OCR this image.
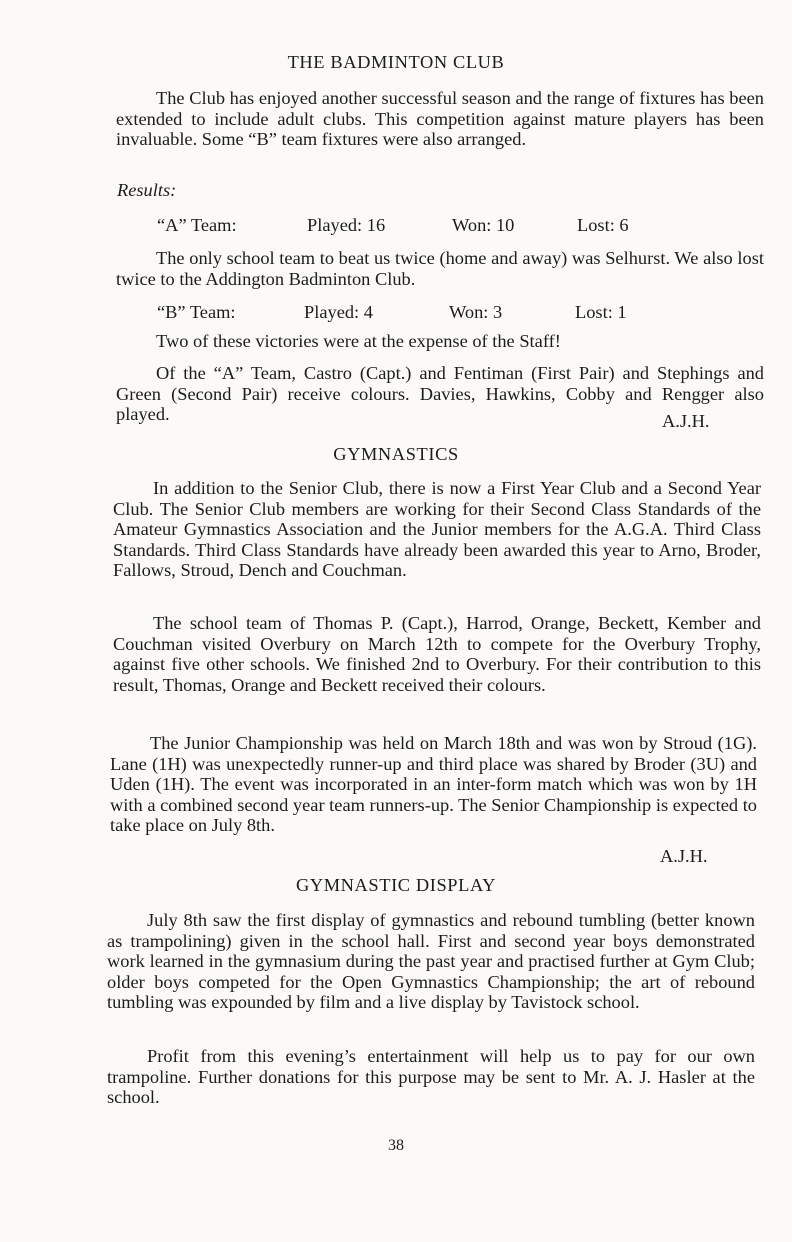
THE BADMINTON CLUB

The Club has enjoyed another successful season and the range of fixtures has been extended to include adult clubs. This competition against mature players has been invaluable. Some “B” team fixtures were also arranged.

Results:
“A” Team:	Played: 16	Won: 10	Lost: 6

The only school team to beat us twice (home and away) was Selhurst. We also lost twice to the Addington Badminton Club.

“B” Team:	Played: 4	Won: 3	Lost: 1

Two of these victories were at the expense of the Staff!

Of the “A” Team, Castro (Capt.) and Fentiman (First Pair) and Stephings and Green (Second Pair) receive colours. Davies, Hawkins, Cobby and Rengger also played.	A.J.H.
GYMNASTICS

In addition to the Senior Club, there is now a First Year Club and a Second Year Club. The Senior Club members are working for their Second Class Standards of the Amateur Gymnastics Association and the Junior members for the A.G.A. Third Class Standards. Third Class Standards have already been awarded this year to Arno, Broder, Fallows, Stroud, Dench and Couchman.

The school team of Thomas P. (Capt.), Harrod, Orange, Beckett, Kember and Couchman visited Overbury on March 12th to compete for the Overbury Trophy, against five other schools. We finished 2nd to Overbury. For their contribution to this result, Thomas, Orange and Beckett received their colours.

The Junior Championship was held on March 18th and was won by Stroud (1G). Lane (1H) was unexpectedly runner-up and third place was shared by Broder (3U) and Uden (1H). The event was incorporated in an inter-form match which was won by 1H with a combined second year team runners-up. The Senior Championship is expected to take place on July 8th.

A.J.H.
GYMNASTIC DISPLAY

July 8th saw the first display of gymnastics and rebound tumbling (better known as trampolining) given in the school hall. First and second year boys demonstrated work learned in the gymnasium during the past year and practised further at Gym Club; older boys competed for the Open Gymnastics Championship; the art of rebound tumbling was expounded by film and a live display by Tavistock school.

Profit from this evening’s entertainment will help us to pay for our own trampoline. Further donations for this purpose may be sent to Mr. A. J. Hasler at the school.

38
